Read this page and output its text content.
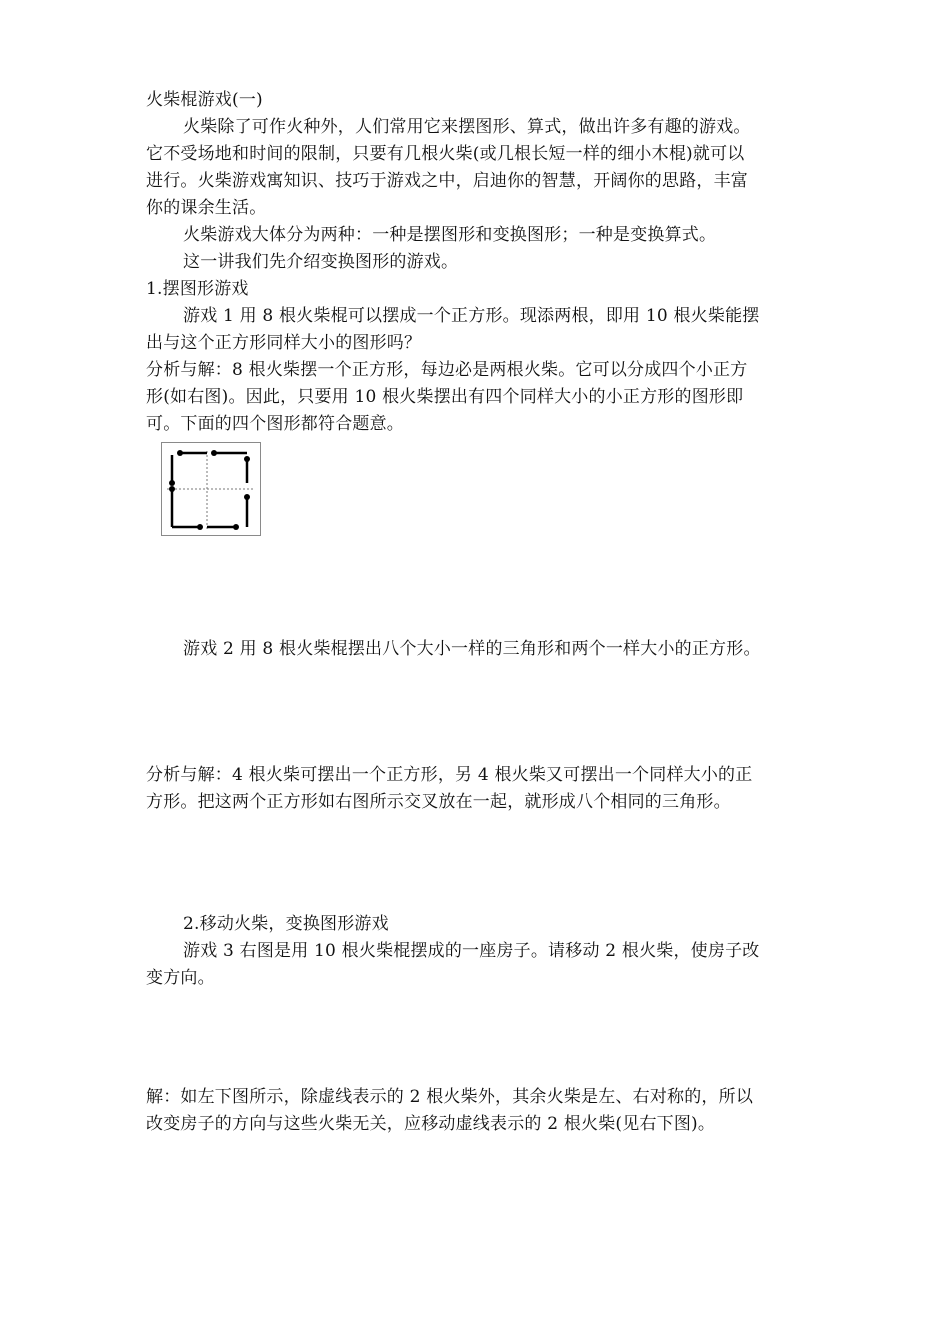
火柴棍游戏(一)
火柴除了可作火种外，人们常用它来摆图形、算式，做出许多有趣的游戏。
它不受场地和时间的限制，只要有几根火柴(或几根长短一样的细小木棍)就可以
进行。火柴游戏寓知识、技巧于游戏之中，启迪你的智慧，开阔你的思路，丰富
你的课余生活。
火柴游戏大体分为两种：一种是摆图形和变换图形；一种是变换算式。
这一讲我们先介绍变换图形的游戏。
1.摆图形游戏
游戏 1 用 8 根火柴棍可以摆成一个正方形。现添两根，即用 10 根火柴能摆
出与这个正方形同样大小的图形吗？
分析与解：8 根火柴摆一个正方形，每边必是两根火柴。它可以分成四个小正方
形(如右图)。因此，只要用 10 根火柴摆出有四个同样大小的小正方形的图形即
游戏 2 用 8 根火柴棍摆出八个大小一样的三角形和两个一样大小的正方形。
分析与解：4 根火柴可摆出一个正方形，另 4 根火柴又可摆出一个同样大小的正
方形。把这两个正方形如右图所示交叉放在一起，就形成八个相同的三角形。
2.移动火柴，变换图形游戏
游戏 3 右图是用 10 根火柴棍摆成的一座房子。请移动 2 根火柴，使房子改
变方向。
解：如左下图所示，除虚线表示的 2 根火柴外，其余火柴是左、右对称的，所以
改变房子的方向与这些火柴无关，应移动虚线表示的 2 根火柴(见右下图)。
可。下面的四个图形都符合题意。
